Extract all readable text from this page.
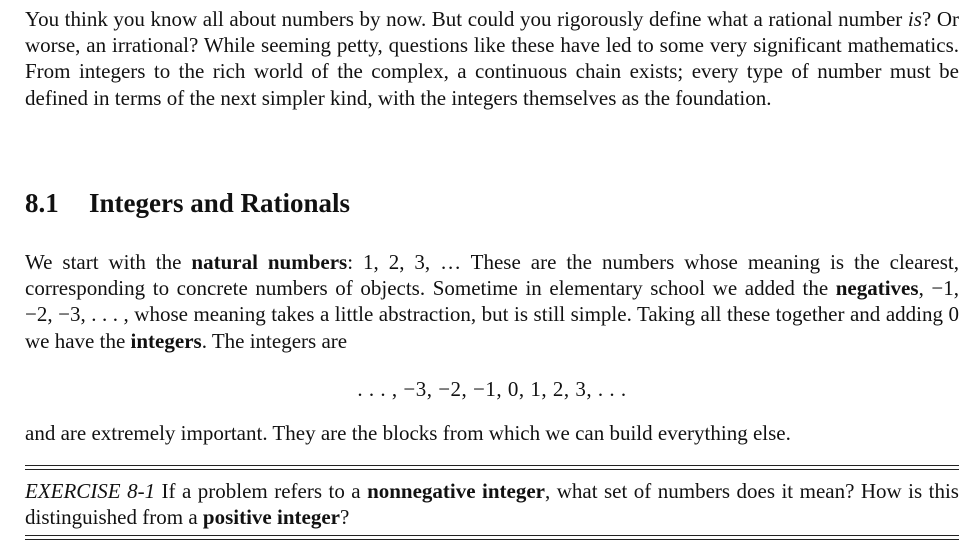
You think you know all about numbers by now. But could you rigorously define what a rational number is? Or worse, an irrational? While seeming petty, questions like these have led to some very significant mathematics. From integers to the rich world of the complex, a continuous chain exists; every type of number must be defined in terms of the next simpler kind, with the integers themselves as the foundation.

8.1 Integers and Rationals

We start with the natural numbers: 1, 2, 3, … These are the numbers whose meaning is the clearest, corresponding to concrete numbers of objects. Sometime in elementary school we added the negatives, −1, −2, −3, . . . , whose meaning takes a little abstraction, but is still simple. Taking all these together and adding 0 we have the integers. The integers are

. . . , −3, −2, −1, 0, 1, 2, 3, . . .

and are extremely important. They are the blocks from which we can build everything else.

EXERCISE 8-1 If a problem refers to a nonnegative integer, what set of numbers does it mean? How is this distinguished from a positive integer?
